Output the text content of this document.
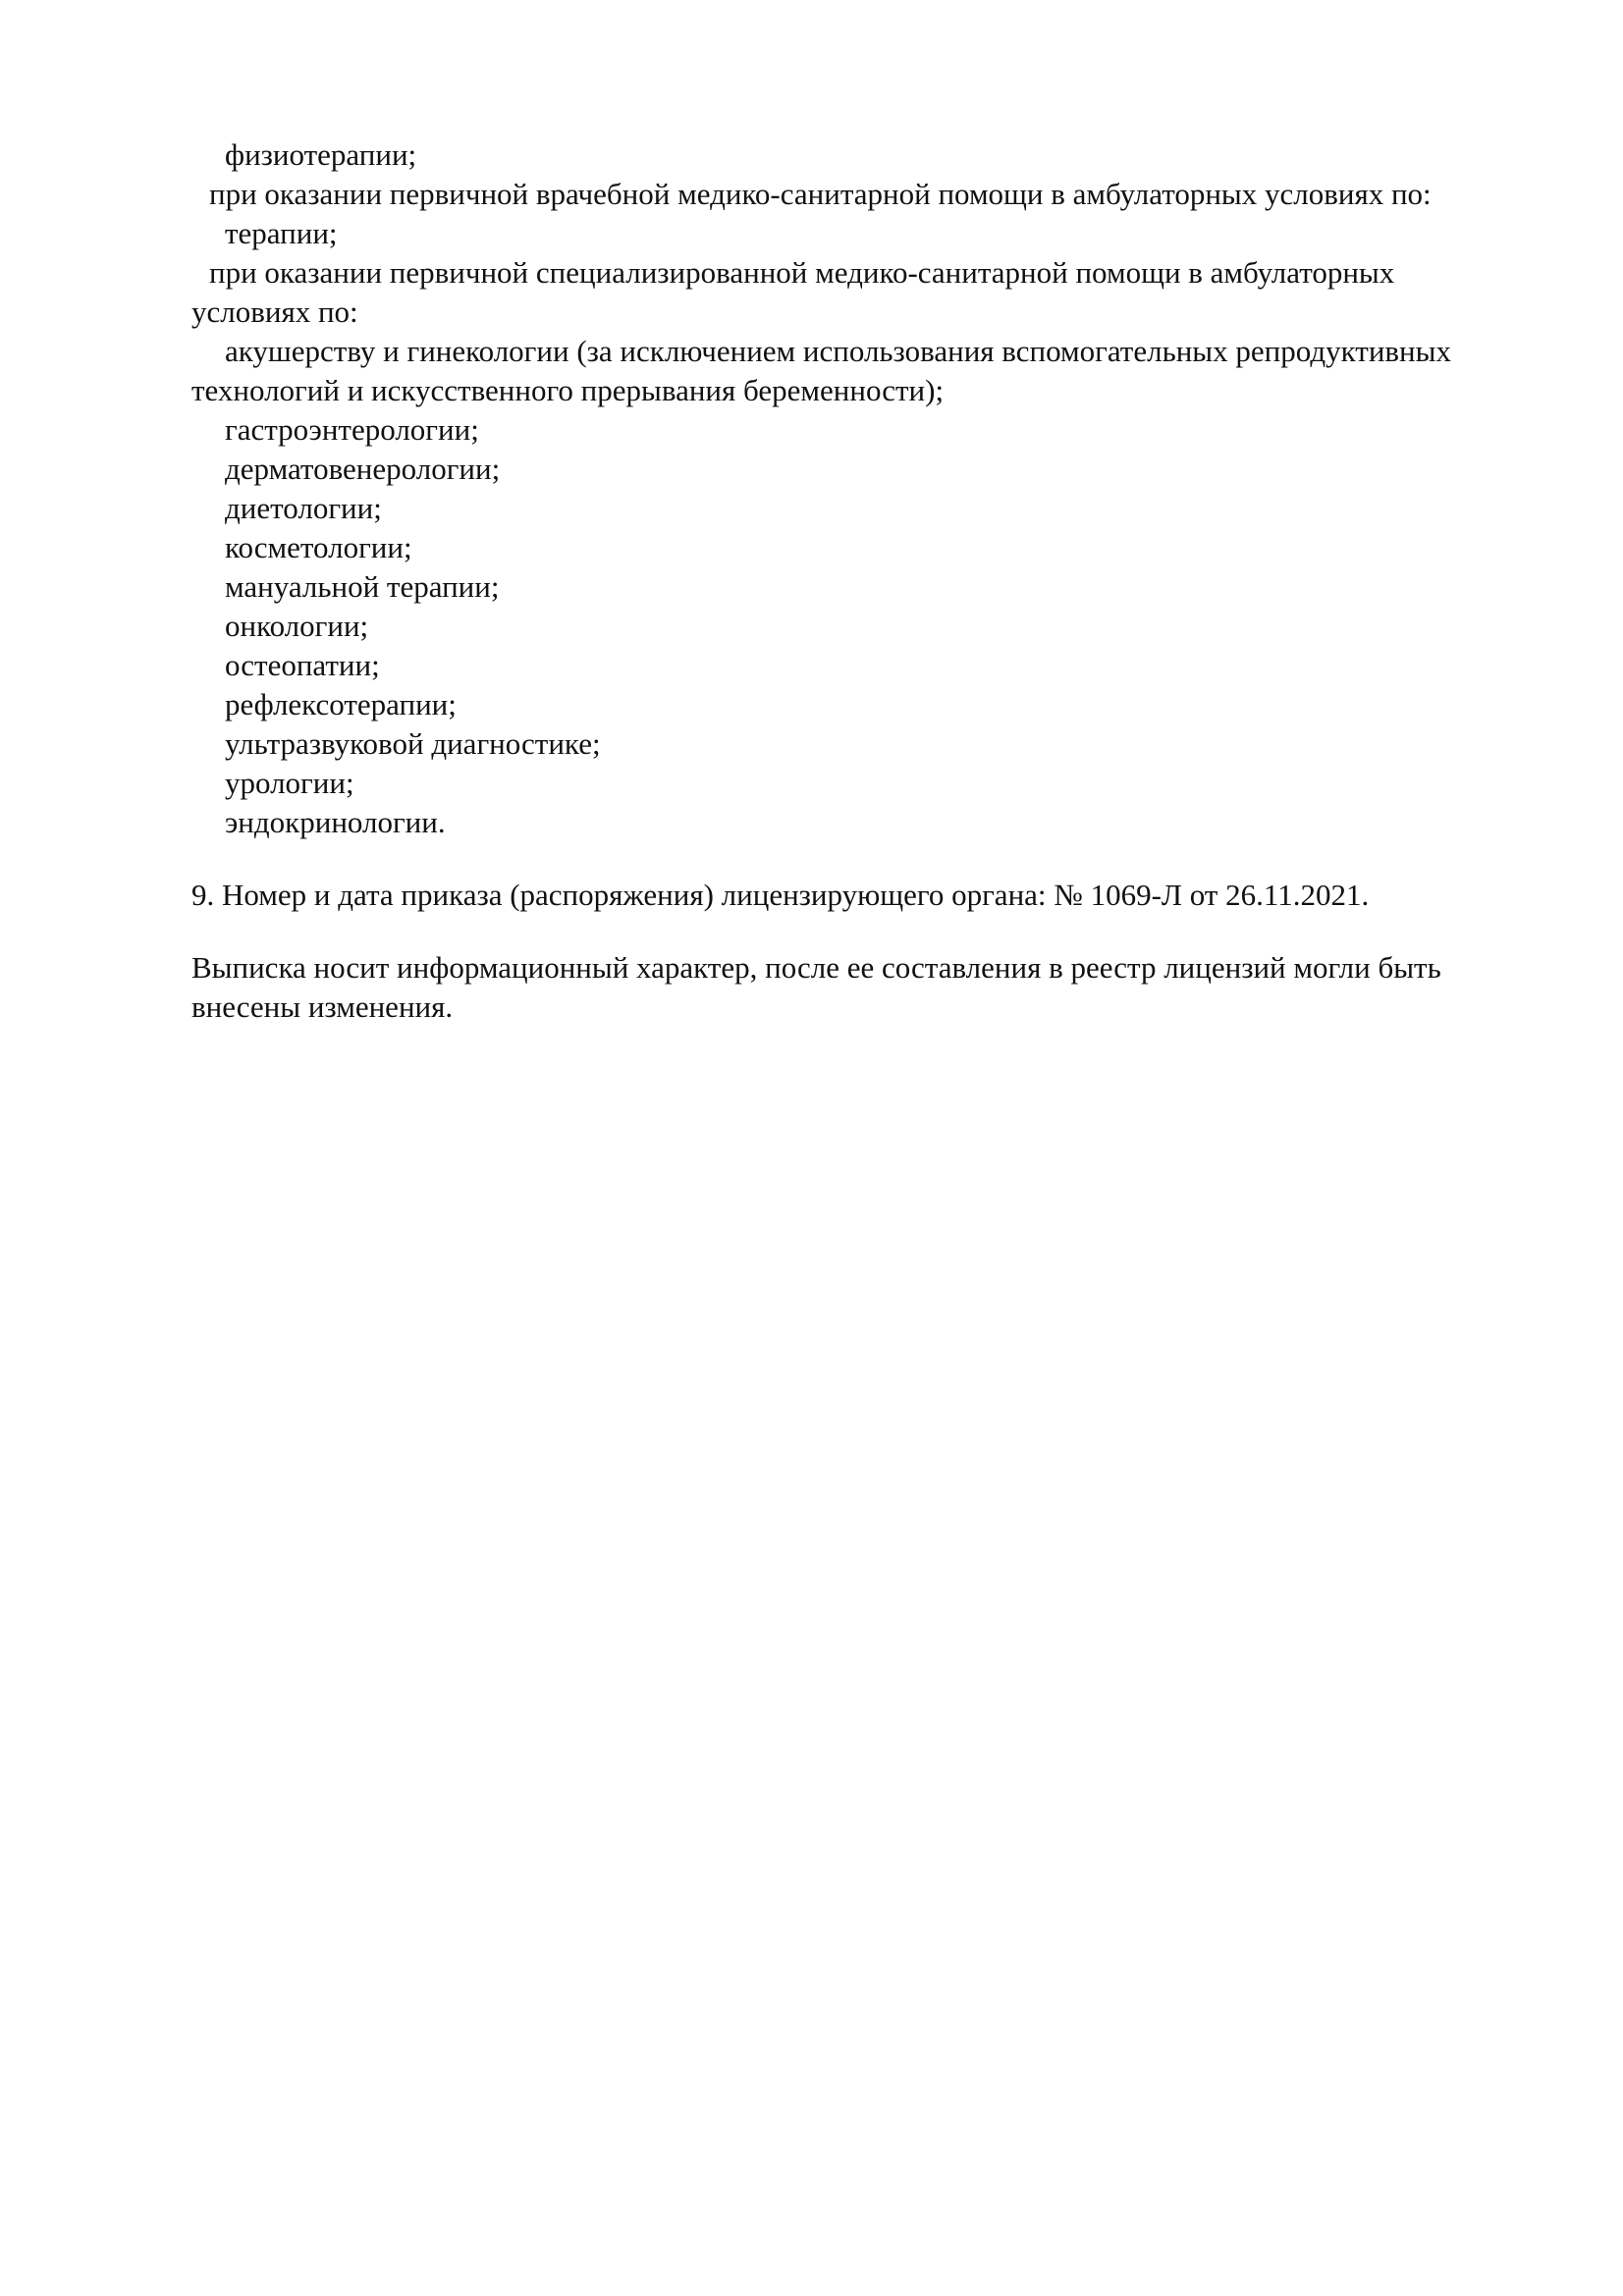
физиотерапии;
при оказании первичной врачебной медико-санитарной помощи в амбулаторных условиях по:
терапии;
при оказании первичной специализированной медико-санитарной помощи в амбулаторных
условиях по:
акушерству и гинекологии (за исключением использования вспомогательных репродуктивных
технологий и искусственного прерывания беременности);
гастроэнтерологии;
дерматовенерологии;
диетологии;
косметологии;
мануальной терапии;
онкологии;
остеопатии;
рефлексотерапии;
ультразвуковой диагностике;
урологии;
эндокринологии.
9. Номер и дата приказа (распоряжения) лицензирующего органа: № 1069-Л от 26.11.2021.
Выписка носит информационный характер, после ее составления в реестр лицензий могли быть
внесены изменения.
